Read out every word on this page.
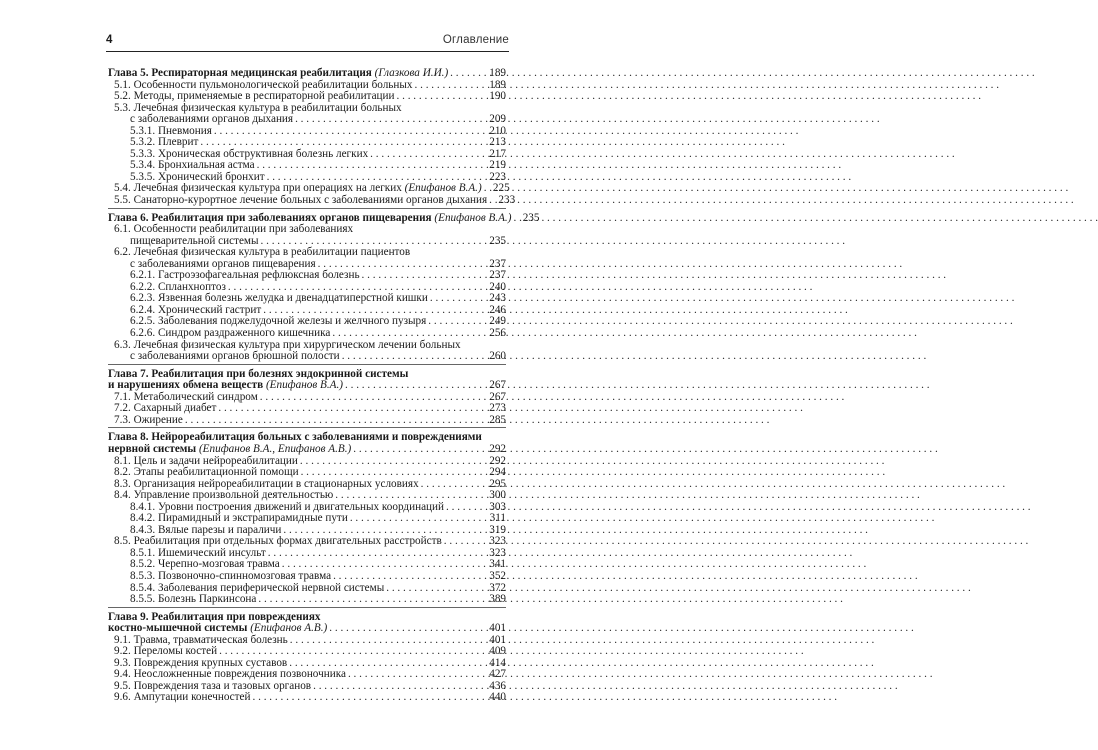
4	Оглавление
Глава 5. Респираторная медицинская реабилитация (Глазкова И.И.) . . .	189
5.1. Особенности пульмонологической реабилитации больных . . .	189
5.2. Методы, применяемые в респираторной реабилитации . . .	190
5.3. Лечебная физическая культура в реабилитации больных
с заболеваниями органов дыхания . . .	209
5.3.1. Пневмония . . .	210
5.3.2. Плеврит . . .	213
5.3.3. Хроническая обструктивная болезнь легких . . .	217
5.3.4. Бронхиальная астма . . .	219
5.3.5. Хронический бронхит . . .	223
5.4. Лечебная физическая культура при операциях на легких (Епифанов В.А.) . . . 225
5.5. Санаторно-курортное лечение больных с заболеваниями органов дыхания . . . 233
Глава 6. Реабилитация при заболеваниях органов пищеварения (Епифанов В.А.) . . . 235
6.1. Особенности реабилитации при заболеваниях
пищеварительной системы . . .	235
6.2. Лечебная физическая культура в реабилитации пациентов
с заболеваниями органов пищеварения . . .	237
6.2.1. Гастроэзофагеальная рефлюксная болезнь . . .	237
6.2.2. Спланхноптоз . . .	240
6.2.3. Язвенная болезнь желудка и двенадцатиперстной кишки . . .	243
6.2.4. Хронический гастрит . . .	246
6.2.5. Заболевания поджелудочной железы и желчного пузыря . . .	249
6.2.6. Синдром раздраженного кишечника . . .	256
6.3. Лечебная физическая культура при хирургическом лечении больных
с заболеваниями органов брюшной полости . . .	260
Глава 7. Реабилитация при болезнях эндокринной системы
и нарушениях обмена веществ (Епифанов В.А.) . . .	267
7.1. Метаболический синдром . . .	267
7.2. Сахарный диабет . . .	273
7.3. Ожирение . . .	285
Глава 8. Нейрореабилитация больных с заболеваниями и повреждениями
нервной системы (Епифанов В.А., Епифанов А.В.) . . .	292
8.1. Цель и задачи нейрореабилитации . . .	292
8.2. Этапы реабилитационной помощи . . .	294
8.3. Организация нейрореабилитации в стационарных условиях . . .	295
8.4. Управление произвольной деятельностью . . .	300
8.4.1. Уровни построения движений и двигательных координаций . . .	303
8.4.2. Пирамидный и экстрапирамидные пути . . .	311
8.4.3. Вялые парезы и параличи . . .	319
8.5. Реабилитация при отдельных формах двигательных расстройств . . .	323
8.5.1. Ишемический инсульт . . .	323
8.5.2. Черепно-мозговая травма . . .	341
8.5.3. Позвоночно-спинномозговая травма . . .	352
8.5.4. Заболевания периферической нервной системы . . .	372
8.5.5. Болезнь Паркинсона . . .	389
Глава 9. Реабилитация при повреждениях
костно-мышечной системы (Епифанов А.В.) . . .	401
9.1. Травма, травматическая болезнь . . .	401
9.2. Переломы костей . . .	409
9.3. Повреждения крупных суставов . . .	414
9.4. Неосложненные повреждения позвоночника . . .	427
9.5. Повреждения таза и тазовых органов . . .	436
9.6. Ампутации конечностей . . .	440
